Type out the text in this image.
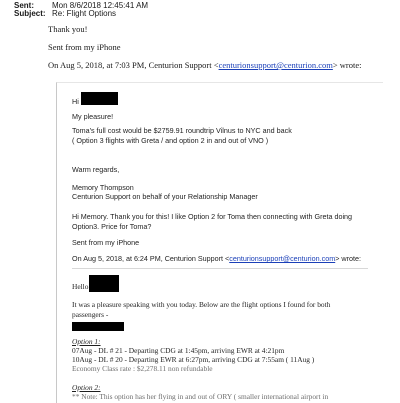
Sent: Mon 8/6/2018 12:45:41 AM
Subject: Re: Flight Options
Thank you!
Sent from my iPhone
On Aug 5, 2018, at 7:03 PM, Centurion Support <centurionsupport@centurion.com> wrote:
Hi
My pleasure!
Toma's full cost would be $2759.91 roundtrip Vilnus to NYC and back
( Option 3 flights with Greta / and option 2 in and out of VNO )
Warm regards,
Memory Thompson
Centurion Support on behalf of your Relationship Manager
Hi Memory. Thank you for this! I like Option 2 for Toma then connecting with Greta doing
Option3. Price for Toma?
Sent from my iPhone
On Aug 5, 2018, at 6:24 PM, Centurion Support <centurionsupport@centurion.com> wrote:
Hello
It was a pleasure speaking with you today. Below are the flight options I found for both
passengers -
Option 1:
07Aug - DL # 21 - Departing CDG at 1:45pm, arriving EWR at 4:21pm
10Aug - DL # 20 - Departing EWR at 6:27pm, arriving CDG at 7:55am ( 11Aug )
Economy Class rate : $2,278.11 non refundable
Option 2:
** Note: This option has her flying in and out of ORY ( smaller international airport in
